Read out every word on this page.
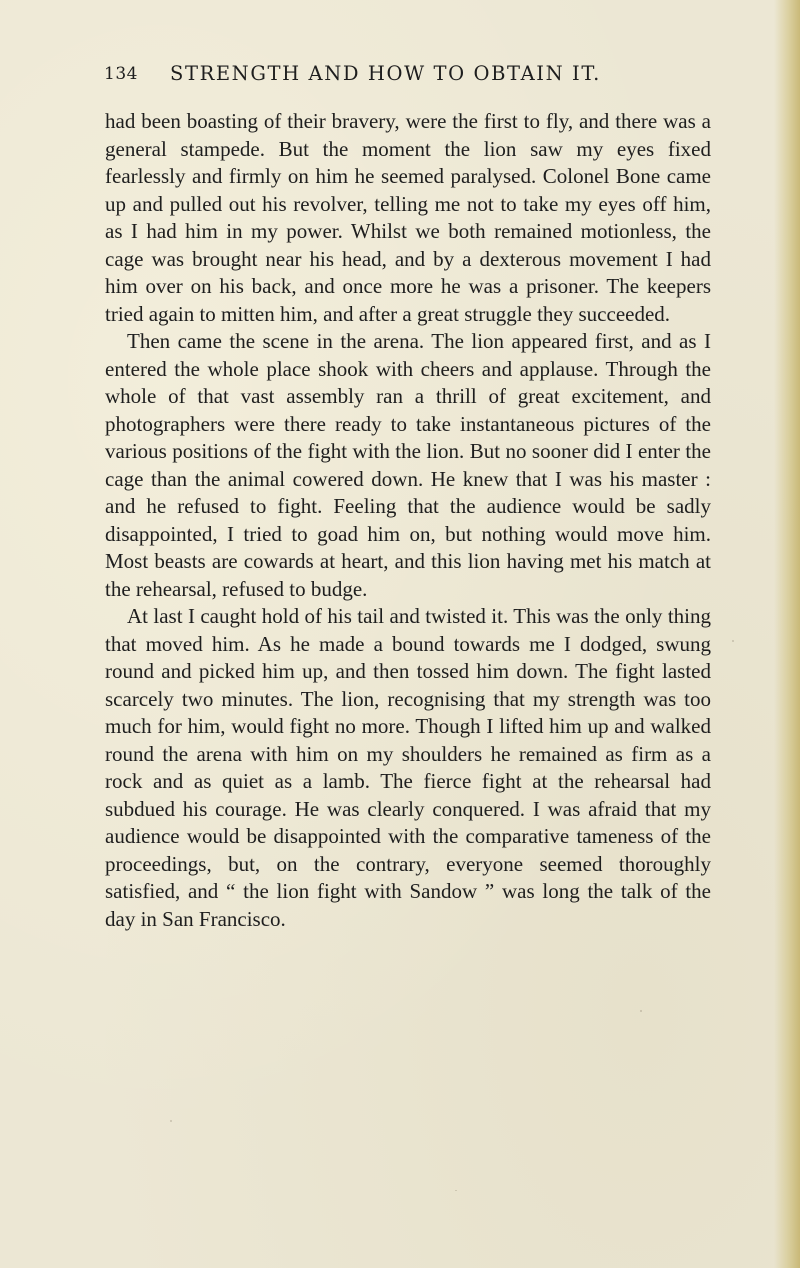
134 STRENGTH AND HOW TO OBTAIN IT.

had been boasting of their bravery, were the first to fly, and there was a general stampede. But the moment the lion saw my eyes fixed fearlessly and firmly on him he seemed paralysed. Colonel Bone came up and pulled out his revolver, telling me not to take my eyes off him, as I had him in my power. Whilst we both remained motionless, the cage was brought near his head, and by a dexterous movement I had him over on his back, and once more he was a prisoner. The keepers tried again to mitten him, and after a great struggle they succeeded.

Then came the scene in the arena. The lion appeared first, and as I entered the whole place shook with cheers and applause. Through the whole of that vast assembly ran a thrill of great excitement, and photographers were there ready to take instantaneous pictures of the various positions of the fight with the lion. But no sooner did I enter the cage than the animal cowered down. He knew that I was his master : and he refused to fight. Feeling that the audience would be sadly disappointed, I tried to goad him on, but nothing would move him. Most beasts are cowards at heart, and this lion having met his match at the rehearsal, refused to budge.

At last I caught hold of his tail and twisted it. This was the only thing that moved him. As he made a bound towards me I dodged, swung round and picked him up, and then tossed him down. The fight lasted scarcely two minutes. The lion, recognising that my strength was too much for him, would fight no more. Though I lifted him up and walked round the arena with him on my shoulders he remained as firm as a rock and as quiet as a lamb. The fierce fight at the rehearsal had subdued his courage. He was clearly conquered. I was afraid that my audience would be disappointed with the comparative tameness of the proceedings, but, on the contrary, everyone seemed thoroughly satisfied, and “ the lion fight with Sandow ” was long the talk of the day in San Francisco.
